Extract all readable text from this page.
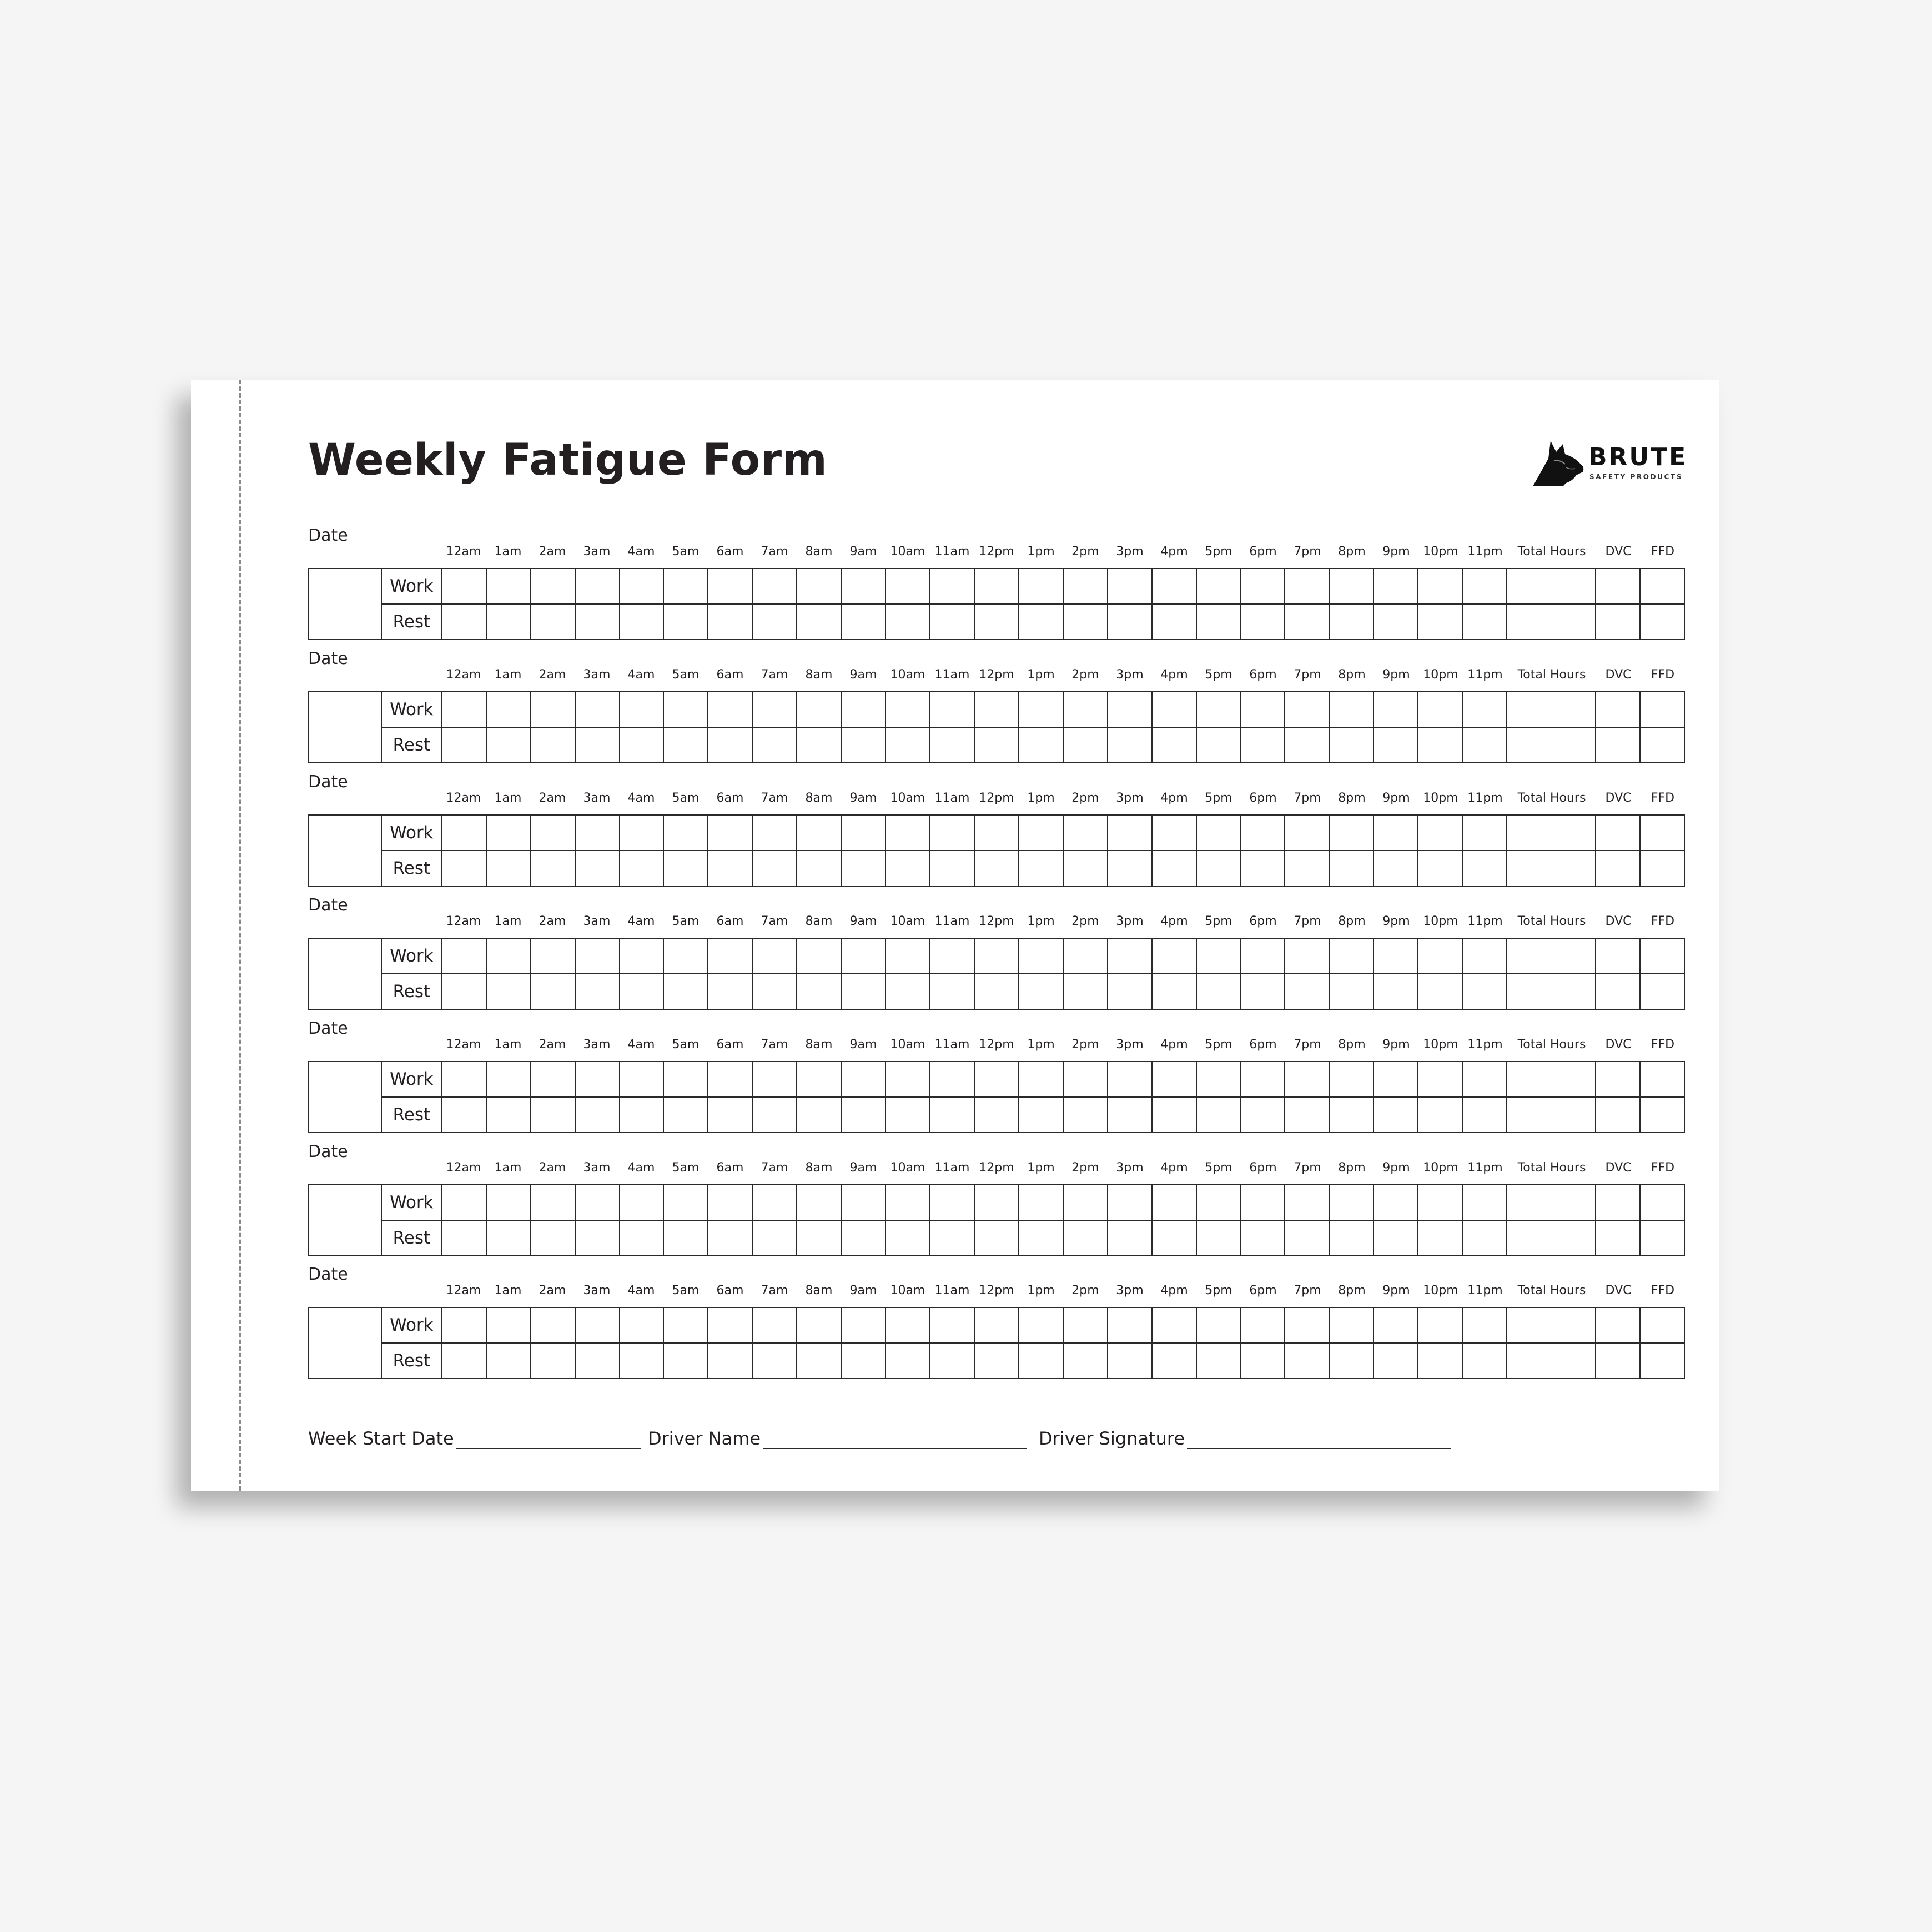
Weekly Fatigue Form	BRUTE
SAFETY PRODUCTS
Date
12am	1am	2am	3am	4am	5am	6am	7am	8am	9am	10am 11am 12pm	1pm	2pm	3pm	4pm	5pm	6pm	7pm	8pm	9pm	10pm 11pm	Total Hours	DVC	FFD
	Work																											
	Rest																											
Date
12am	1am	2am	3am	4am	5am	6am	7am	8am	9am	10am 11am 12pm	1pm	2pm	3pm	4pm	5pm	6pm	7pm	8pm	9pm	10pm 11pm	Total Hours	DVC	FFD
	Work																											
	Rest																											
Date
12am	1am	2am	3am	4am	5am	6am	7am	8am	9am	10am 11am 12pm	1pm	2pm	3pm	4pm	5pm	6pm	7pm	8pm	9pm	10pm 11pm	Total Hours	DVC	FFD
	Work																											
	Rest																											
Date
12am	1am	2am	3am	4am	5am	6am	7am	8am	9am	10am 11am 12pm	1pm	2pm	3pm	4pm	5pm	6pm	7pm	8pm	9pm	10pm 11pm	Total Hours	DVC	FFD
	Work																											
	Rest																											
Date
12am	1am	2am	3am	4am	5am	6am	7am	8am	9am	10am 11am 12pm	1pm	2pm	3pm	4pm	5pm	6pm	7pm	8pm	9pm	10pm 11pm	Total Hours	DVC	FFD
	Work																											
	Rest																											
Date
12am	1am	2am	3am	4am	5am	6am	7am	8am	9am	10am 11am 12pm	1pm	2pm	3pm	4pm	5pm	6pm	7pm	8pm	9pm	10pm 11pm	Total Hours	DVC	FFD
	Work																											
	Rest																											
Date
12am	1am	2am	3am	4am	5am	6am	7am	8am	9am	10am 11am 12pm	1pm	2pm	3pm	4pm	5pm	6pm	7pm	8pm	9pm	10pm 11pm	Total Hours	DVC	FFD
	Work																											
	Rest																											
Week Start Date	Driver Name	Driver Signature
